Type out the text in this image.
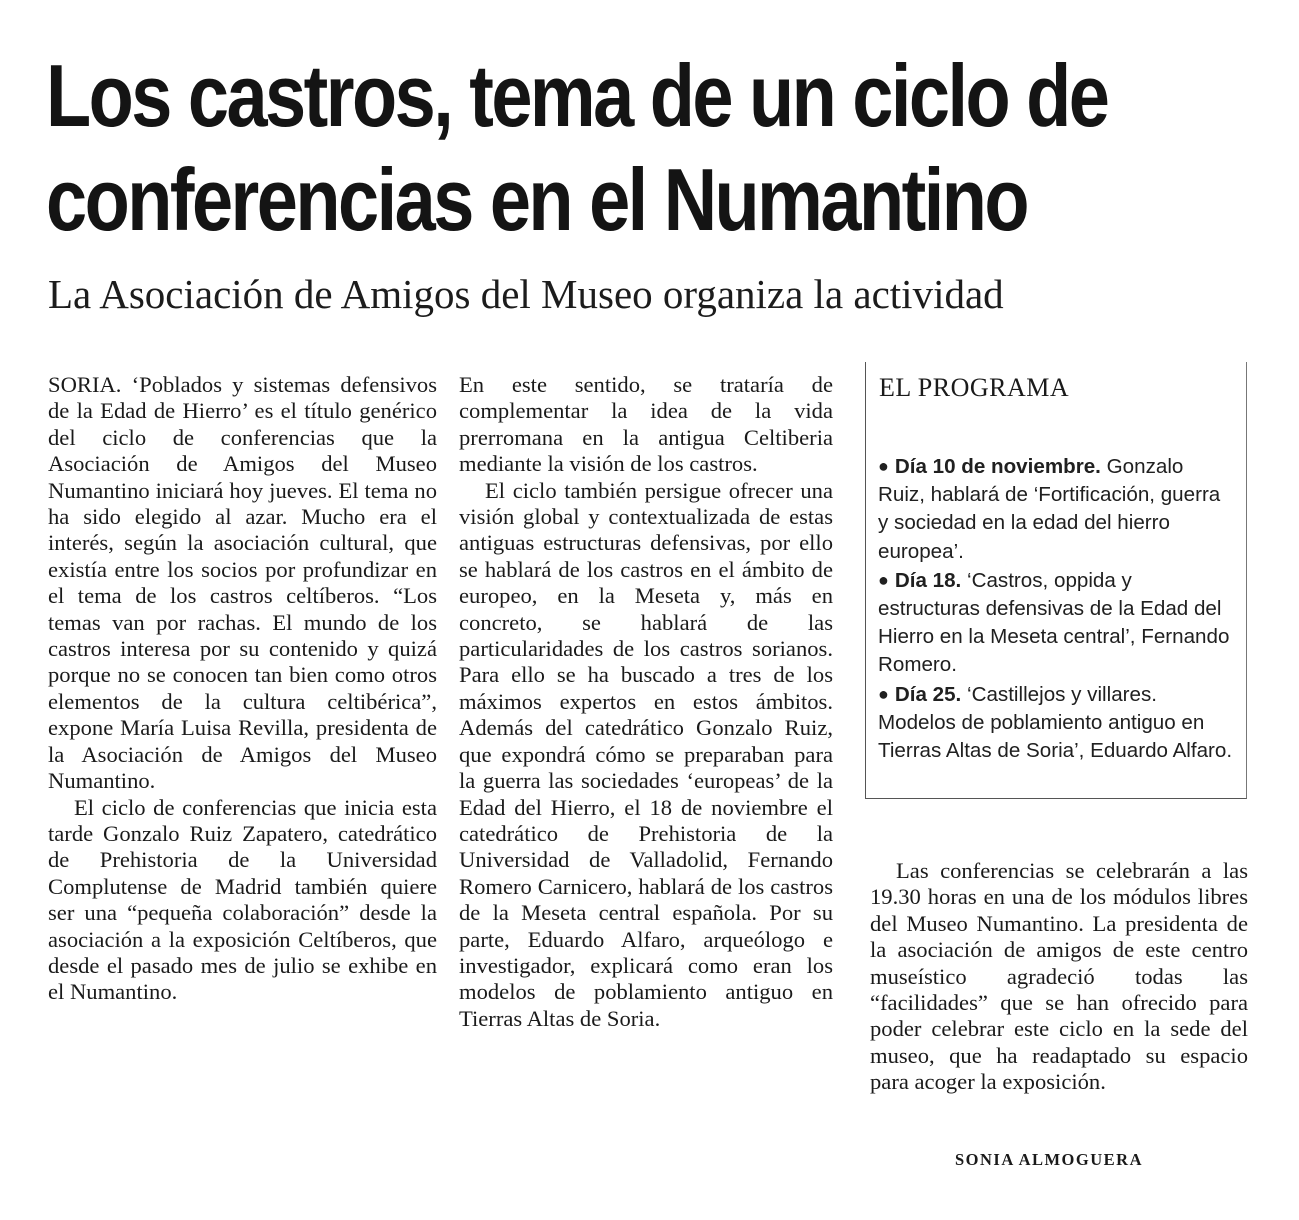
Los castros, tema de un ciclo de
conferencias en el Numantino
La Asociación de Amigos del Museo organiza la actividad

SORIA. ‘Poblados y sistemas defensivos de la Edad de Hierro’ es el título genérico del ciclo de conferencias que la Asociación de Amigos del Museo Numantino iniciará hoy jueves. El tema no ha sido elegido al azar. Mucho era el interés, según la asociación cultural, que existía entre los socios por profundizar en el tema de los castros celtíberos. “Los temas van por rachas. El mundo de los castros interesa por su contenido y quizá porque no se conocen tan bien como otros elementos de la cultura celtibérica”, expone María Luisa Revilla, presidenta de la Asociación de Amigos del Museo Numantino.

El ciclo de conferencias que inicia esta tarde Gonzalo Ruiz Zapatero, catedrático de Prehistoria de la Universidad Complutense de Madrid también quiere ser una “pequeña colaboración” desde la asociación a la exposición Celtíberos, que desde el pasado mes de julio se exhibe en el Numantino.

En este sentido, se trataría de complementar la idea de la vida prerromana en la antigua Celtiberia mediante la visión de los castros.

El ciclo también persigue ofrecer una visión global y contextualizada de estas antiguas estructuras defensivas, por ello se hablará de los castros en el ámbito de europeo, en la Meseta y, más en concreto, se hablará de las particularidades de los castros sorianos. Para ello se ha buscado a tres de los máximos expertos en estos ámbitos. Además del catedrático Gonzalo Ruiz, que expondrá cómo se preparaban para la guerra las sociedades ‘europeas’ de la Edad del Hierro, el 18 de noviembre el catedrático de Prehistoria de la Universidad de Valladolid, Fernando Romero Carnicero, hablará de los castros de la Meseta central española. Por su parte, Eduardo Alfaro, arqueólogo e investigador, explicará como eran los modelos de poblamiento antiguo en Tierras Altas de Soria.

EL PROGRAMA

● Día 10 de noviembre. Gonzalo Ruiz, hablará de ‘Fortificación, guerra y sociedad en la edad del hierro europea’.

● Día 18. ‘Castros, oppida y estructuras defensivas de la Edad del Hierro en la Meseta central’, Fernando Romero.

● Día 25. ‘Castillejos y villares. Modelos de poblamiento antiguo en Tierras Altas de Soria’, Eduardo Alfaro.

Las conferencias se celebrarán a las 19.30 horas en una de los módulos libres del Museo Numantino. La presidenta de la asociación de amigos de este centro museístico agradeció todas las “facilidades” que se han ofrecido para poder celebrar este ciclo en la sede del museo, que ha readaptado su espacio para acoger la exposición.

SONIA ALMOGUERA
